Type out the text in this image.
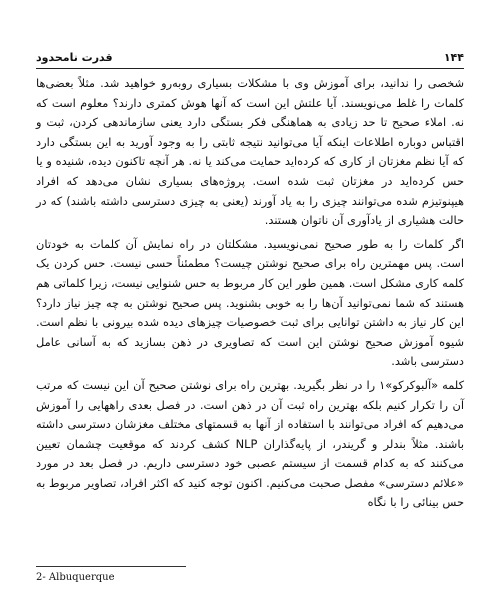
۱۴۴
قدرت نامحدود

شخصی را ندانید، برای آموزش وی با مشکلات بسیاری روبه‌رو خواهید شد. مثلاً بعضی‌ها کلمات را غلط می‌نویسند. آیا علتش این است که آنها هوش کمتری دارند؟ معلوم است که نه. املاء صحیح تا حد زیادی به هماهنگی فکر بستگی دارد یعنی سازماندهی کردن، ثبت و اقتباس دوباره اطلاعات اینکه آیا می‌توانید نتیجه ثابتی را به وجود آورید به این بستگی دارد که آیا نظم مغزتان از کاری که کرده‌اید حمایت می‌کند یا نه. هر آنچه تاکنون دیده، شنیده و یا حس کرده‌اید در مغزتان ثبت شده است. پروژه‌های بسیاری نشان می‌دهد که افراد هیپنوتیزم شده می‌توانند چیزی را به یاد آورند (یعنی به چیزی دسترسی داشته باشند) که در حالت هشیاری از یادآوری آن ناتوان هستند.

اگر کلمات را به طور صحیح نمی‌نویسید. مشکلتان در راه نمایش آن کلمات به خودتان است. پس مهمترین راه برای صحیح نوشتن چیست؟ مطمئناً حسی نیست. حس کردن یک کلمه کاری مشکل است. همین طور این کار مربوط به حس شنوایی نیست، زیرا کلماتی هم هستند که شما نمی‌توانید آن‌ها را به خوبی بشنوید. پس صحیح نوشتن به چه چیز نیاز دارد؟ این کار نیاز به داشتن توانایی برای ثبت خصوصیات چیزهای دیده شده بیرونی با نظم است. شیوه آموزش صحیح نوشتن این است که تصاویری در ذهن بسازید که به آسانی عامل دسترسی باشد.

کلمه «آلبوکرکو»۱ را در نظر بگیرید. بهترین راه برای نوشتن صحیح آن این نیست که مرتب آن را تکرار کنیم بلکه بهترین راه ثبت آن در ذهن است. در فصل بعدی راههایی را آموزش می‌دهیم که افراد می‌توانند با استفاده از آنها به قسمتهای مختلف مغزشان دسترسی داشته باشند. مثلاً بندلر و گریندر، از پایه‌گذاران NLP کشف کردند که موقعیت چشمان تعیین می‌کنند که به کدام قسمت از سیستم عصبی خود دسترسی داریم. در فصل بعد در مورد «علائم دسترسی» مفصل صحبت می‌کنیم. اکنون توجه کنید که اکثر افراد، تصاویر مربوط به حس بینائی را با نگاه

2- Albuquerque
